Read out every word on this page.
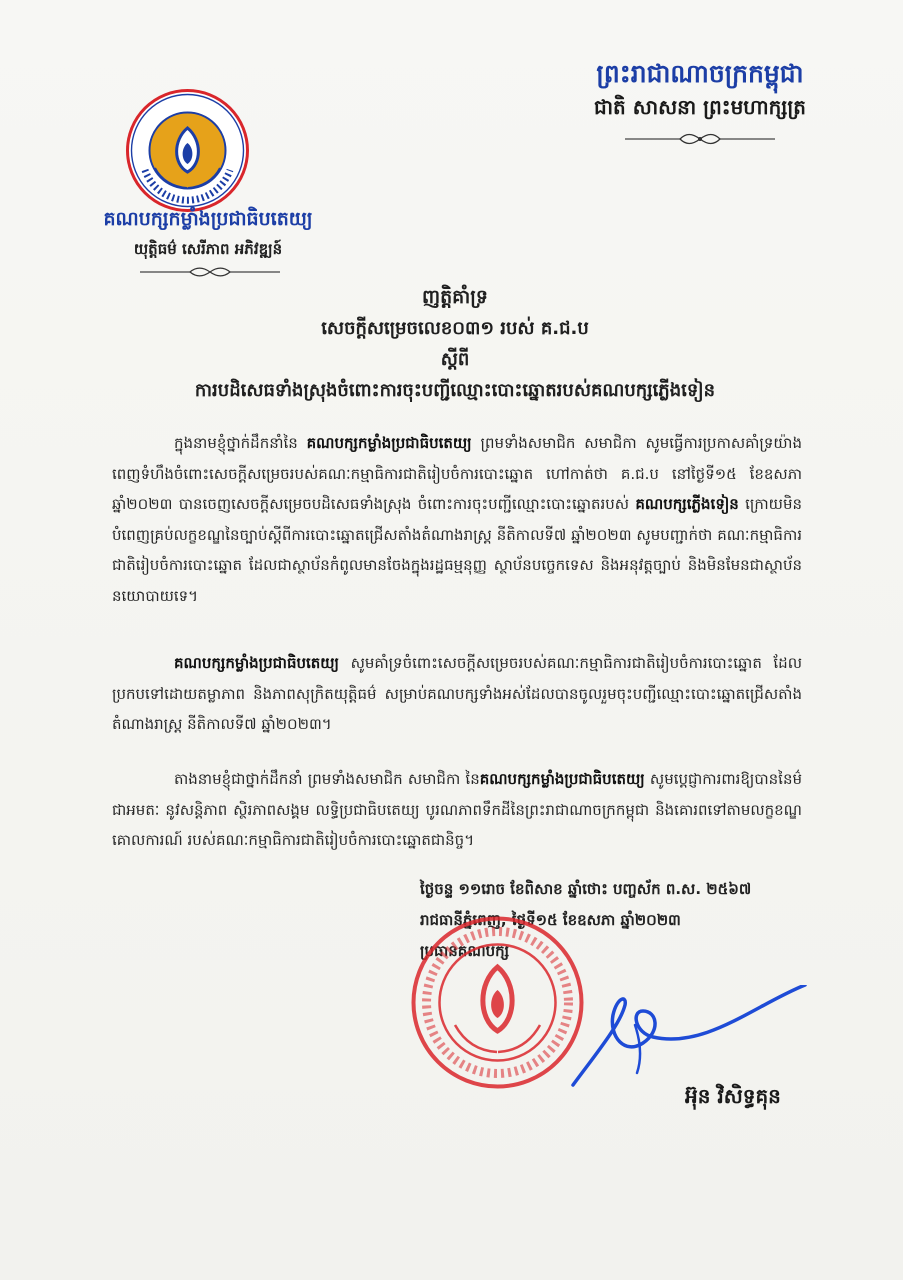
ព្រះរាជាណាចក្រកម្ពុជា
ជាតិ សាសនា ព្រះមហាក្សត្រ
គណបក្សកម្លាំងប្រជាធិបតេយ្យ
យុត្តិធម៌ សេរីភាព អភិវឌ្ឍន៍
ញត្តិគាំទ្រ
សេចក្តីសម្រេចលេខ០៣១ របស់ គ.ជ.ប
ស្តីពី
ការបដិសេធទាំងស្រុងចំពោះការចុះបញ្ជីឈ្មោះបោះឆ្នោតរបស់គណបក្សភ្លើងទៀន
ក្នុងនាមខ្ញុំថ្នាក់ដឹកនាំនៃ គណបក្សកម្លាំងប្រជាធិបតេយ្យ ព្រមទាំងសមាជិក សមាជិកា សូមធ្វើការប្រកាសគាំទ្រយ៉ាងពេញទំហឹងចំពោះសេចក្តីសម្រេចរបស់គណៈកម្មាធិការជាតិរៀបចំការបោះឆ្នោត ហៅកាត់ថា គ.ជ.ប នៅថ្ងៃទី១៥ ខែឧសភា ឆ្នាំ២០២៣ បានចេញសេចក្តីសម្រេចបដិសេធទាំងស្រុង ចំពោះការចុះបញ្ជីឈ្មោះបោះឆ្នោតរបស់ គណបក្សភ្លើងទៀន ក្រោយមិនបំពេញគ្រប់លក្ខខណ្ឌនៃច្បាប់ស្តីពីការបោះឆ្នោតជ្រើសតាំងតំណាងរាស្ត្រ នីតិកាលទី៧ ឆ្នាំ២០២៣ សូមបញ្ជាក់ថា គណៈកម្មាធិការជាតិរៀបចំការបោះឆ្នោត ដែលជាស្ថាប័នកំពូលមានចែងក្នុងរដ្ឋធម្មនុញ្ញ ស្ថាប័នបច្ចេកទេស និងអនុវត្តច្បាប់ និងមិនមែនជាស្ថាប័ននយោបាយទេ។
គណបក្សកម្លាំងប្រជាធិបតេយ្យ សូមគាំទ្រចំពោះសេចក្តីសម្រេចរបស់គណៈកម្មាធិការជាតិរៀបចំការបោះឆ្នោត ដែលប្រកបទៅដោយតម្លាភាព និងភាពសុក្រិតយុត្តិធម៌ សម្រាប់គណបក្សទាំងអស់ដែលបានចូលរួមចុះបញ្ជីឈ្មោះបោះឆ្នោតជ្រើសតាំងតំណាងរាស្ត្រ នីតិកាលទី៧ ឆ្នាំ២០២៣។
តាងនាមខ្ញុំជាថ្នាក់ដឹកនាំ ព្រមទាំងសមាជិក សមាជិកា នៃគណបក្សកម្លាំងប្រជាធិបតេយ្យ សូមប្តេជ្ញាការពារឱ្យបាននៃម៌ជាអមតៈ នូវសន្តិភាព ស្ថិរភាពសង្គម លទ្ធិប្រជាធិបតេយ្យ បូរណភាពទឹកដីនៃព្រះរាជាណាចក្រកម្ពុជា និងគោរពទៅតាមលក្ខខណ្ឌគោលការណ៍ របស់គណៈកម្មាធិការជាតិរៀបចំការបោះឆ្នោតជានិច្ច។
ថ្ងៃចន្ទ ១១រោច ខែពិសាខ ឆ្នាំថោះ បញ្ចស័ក ព.ស. ២៥៦៧
រាជធានីភ្នំពេញ, ថ្ងៃទី១៥ ខែឧសភា ឆ្នាំ២០២៣
ប្រធានគណបក្ស
អ៊ុន វិសិទ្ធគុន
